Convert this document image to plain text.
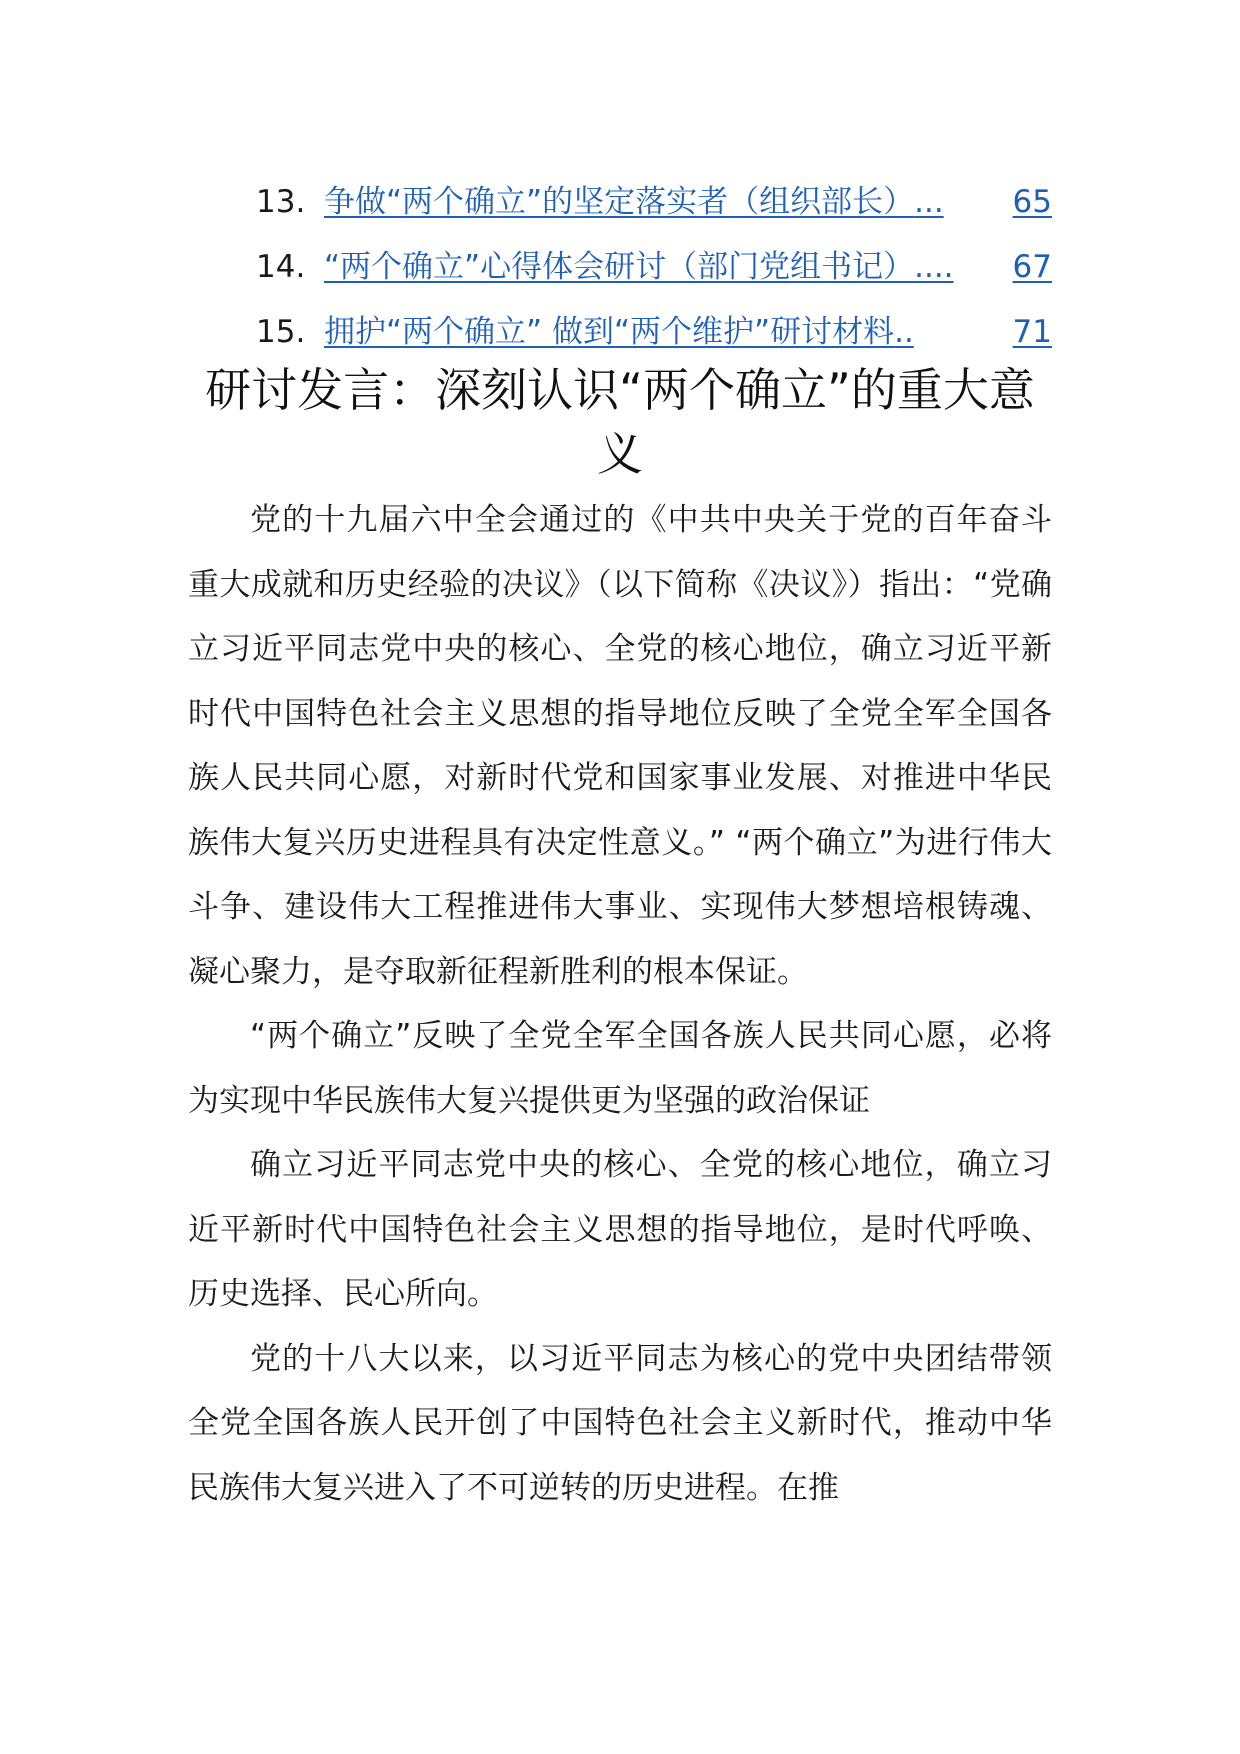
13. 争做“两个确立”的坚定落实者（组织部长） ... 65
14. “两个确立”心得体会研讨（部门党组书记） .... 67
15. 拥护“两个确立” 做到“两个维护”研讨材料 ..	71
研讨发言：深刻认识“两个确立”的重大意义

党的十九届六中全会通过的《中共中央关于党的百年奋斗重大成就和历史经验的决议》（以下简称《决议》）指出：“党确立习近平同志党中央的核心、全党的核心地位，确立习近平新时代中国特色社会主义思想的指导地位反映了全党全军全国各族人民共同心愿，对新时代党和国家事业发展、对推进中华民族伟大复兴历史进程具有决定性意义。” “两个确立”为进行伟大斗争、建设伟大工程推进伟大事业、实现伟大梦想培根铸魂、凝心聚力，是夺取新征程新胜利的根本保证。

“两个确立”反映了全党全军全国各族人民共同心愿，必将为实现中华民族伟大复兴提供更为坚强的政治保证

确立习近平同志党中央的核心、全党的核心地位，确立习近平新时代中国特色社会主义思想的指导地位，是时代呼唤、历史选择、民心所向。

党的十八大以来，以习近平同志为核心的党中央团结带领全党全国各族人民开创了中国特色社会主义新时代，推动中华民族伟大复兴进入了不可逆转的历史进程。在推
